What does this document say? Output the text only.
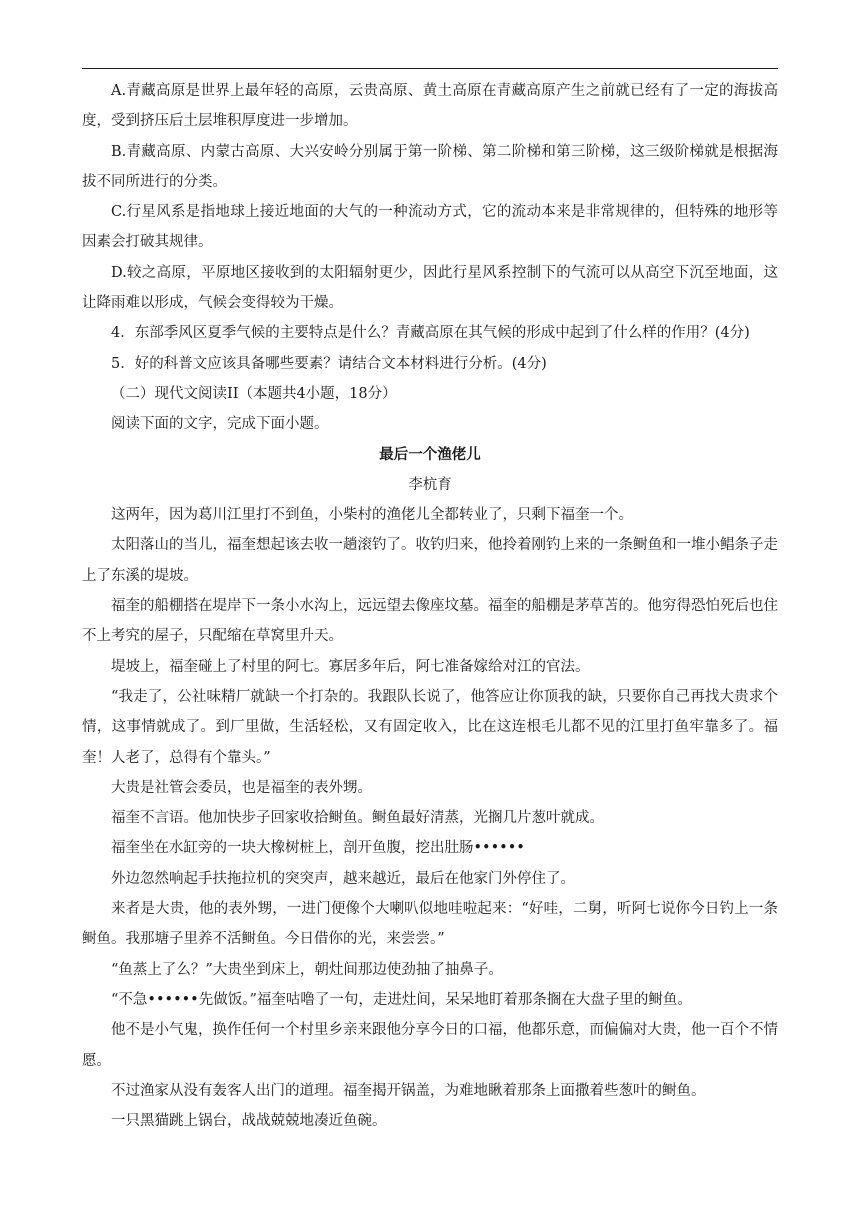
A.青藏高原是世界上最年轻的高原，云贵高原、黄土高原在青藏高原产生之前就已经有了一定的海拔高度，受到挤压后土层堆积厚度进一步增加。

B.青藏高原、内蒙古高原、大兴安岭分别属于第一阶梯、第二阶梯和第三阶梯，这三级阶梯就是根据海拔不同所进行的分类。

C.行星风系是指地球上接近地面的大气的一种流动方式，它的流动本来是非常规律的，但特殊的地形等因素会打破其规律。

D.较之高原，平原地区接收到的太阳辐射更少，因此行星风系控制下的气流可以从高空下沉至地面，这让降雨难以形成，气候会变得较为干燥。

4．东部季风区夏季气候的主要特点是什么？青藏高原在其气候的形成中起到了什么样的作用？(4分)

5．好的科普文应该具备哪些要素？请结合文本材料进行分析。(4分)

（二）现代文阅读II（本题共4小题，18分）

阅读下面的文字，完成下面小题。

最后一个渔佬儿

李杭育

这两年，因为葛川江里打不到鱼，小柴村的渔佬儿全都转业了，只剩下福奎一个。

太阳落山的当儿，福奎想起该去收一趟滚钓了。收钓归来，他拎着刚钓上来的一条鲥鱼和一堆小鲳条子走上了东溪的堤坡。

福奎的船棚搭在堤岸下一条小水沟上，远远望去像座坟墓。福奎的船棚是茅草苫的。他穷得恐怕死后也住不上考究的屋子，只配缩在草窝里升天。

堤坡上，福奎碰上了村里的阿七。寡居多年后，阿七准备嫁给对江的官法。

“我走了，公社味精厂就缺一个打杂的。我跟队长说了，他答应让你顶我的缺，只要你自己再找大贵求个情，这事情就成了。到厂里做，生活轻松，又有固定收入，比在这连根毛儿都不见的江里打鱼牢靠多了。福奎！人老了，总得有个靠头。”

大贵是社管会委员，也是福奎的表外甥。

福奎不言语。他加快步子回家收拾鲥鱼。鲥鱼最好清蒸，光搁几片葱叶就成。

福奎坐在水缸旁的一块大橡树桩上，剖开鱼腹，挖出肚肠••••••

外边忽然响起手扶拖拉机的突突声，越来越近，最后在他家门外停住了。

来者是大贵，他的表外甥，一进门便像个大喇叭似地哇啦起来：“好哇，二舅，听阿七说你今日钓上一条鲥鱼。我那塘子里养不活鲥鱼。今日借你的光，来尝尝。”

“鱼蒸上了么？”大贵坐到床上，朝灶间那边使劲抽了抽鼻子。

“不急••••••先做饭。”福奎咕噜了一句，走进灶间，呆呆地盯着那条搁在大盘子里的鲥鱼。

他不是小气鬼，换作任何一个村里乡亲来跟他分享今日的口福，他都乐意，而偏偏对大贵，他一百个不情愿。

不过渔家从没有轰客人出门的道理。福奎揭开锅盖，为难地瞅着那条上面撒着些葱叶的鲥鱼。

一只黑猫跳上锅台，战战兢兢地凑近鱼碗。
